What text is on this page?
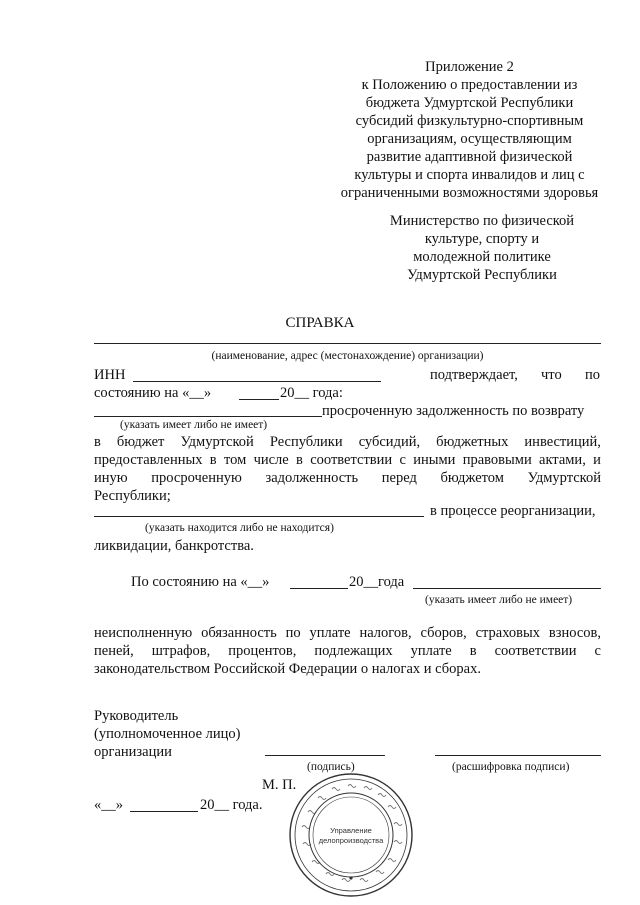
Приложение 2
к Положению о предоставлении из
бюджета Удмуртской Республики
субсидий физкультурно-спортивным
организациям, осуществляющим
развитие адаптивной физической
культуры и спорта инвалидов и лиц с
ограниченными возможностями здоровья
Министерство по физической
культуре, спорту и
молодежной политике
Удмуртской Республики
СПРАВКА
(наименование, адрес (местонахождение) организации)
ИНН	подтверждает, что по
состоянию на «__»	20__ года:
просроченную задолженность по возврату
(указать имеет либо не имеет)
в бюджет Удмуртской Республики субсидий, бюджетных инвестиций,
предоставленных в том числе в соответствии с иными правовыми актами, и
иную просроченную задолженность перед бюджетом Удмуртской
Республики;
в процессе реорганизации,
(указать находится либо не находится)
ликвидации, банкротства.
По состоянию на «__»	20__года
(указать имеет либо не имеет)
неисполненную обязанность по уплате налогов, сборов, страховых взносов,
пеней, штрафов, процентов, подлежащих уплате в соответствии с
законодательством Российской Федерации о налогах и сборах.
Руководитель
(уполномоченное лицо)
организации
(подпись)	(расшифровка подписи)
М. П.
«__»	20__ года.
Управление
делопроизводства
